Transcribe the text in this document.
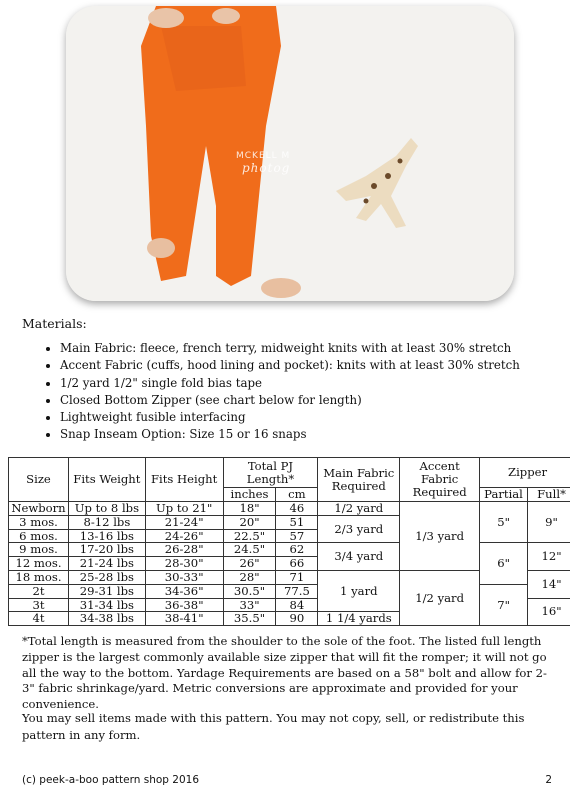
MCKELL M
photog
Materials:
• Main Fabric: fleece, french terry, midweight knits with at least 30% stretch
• Accent Fabric (cuffs, hood lining and pocket): knits with at least 30% stretch
• 1/2 yard 1/2" single fold bias tape
• Closed Bottom Zipper (see chart below for length)
• Lightweight fusible interfacing
• Snap Inseam Option: Size 15 or 16 snaps
Size	Fits Weight	Fits Height	Total PJ Length*		Main Fabric Required	Accent Fabric Required	Zipper	
			inches	cm			Partial	Full*
Newborn	Up to 8 lbs	Up to 21"	18"	46	1/2 yard	1/3 yard	5"	9"
3 mos.	8-12 lbs	21-24"	20"	51	2/3 yard			
6 mos.	13-16 lbs	24-26"	22.5"	57				
9 mos.	17-20 lbs	26-28"	24.5"	62	3/4 yard		6"	12"
12 mos.	21-24 lbs	28-30"	26"	66				
18 mos.	25-28 lbs	30-33"	28"	71	1 yard	1/2 yard		14"
2t	29-31 lbs	34-36"	30.5"	77.5			7"	
3t	31-34 lbs	36-38"	33"	84				16"
4t	34-38 lbs	38-41"	35.5"	90	1 1/4 yards			
*Total length is measured from the shoulder to the sole of the foot. The listed full length zipper is the largest commonly available size zipper that will fit the romper; it will not go all the way to the bottom. Yardage Requirements are based on a 58" bolt and allow for 2-3" fabric shrinkage/yard. Metric conversions are approximate and provided for your convenience.
You may sell items made with this pattern. You may not copy, sell, or redistribute this pattern in any form.
(c) peek-a-boo pattern shop 2016	2
